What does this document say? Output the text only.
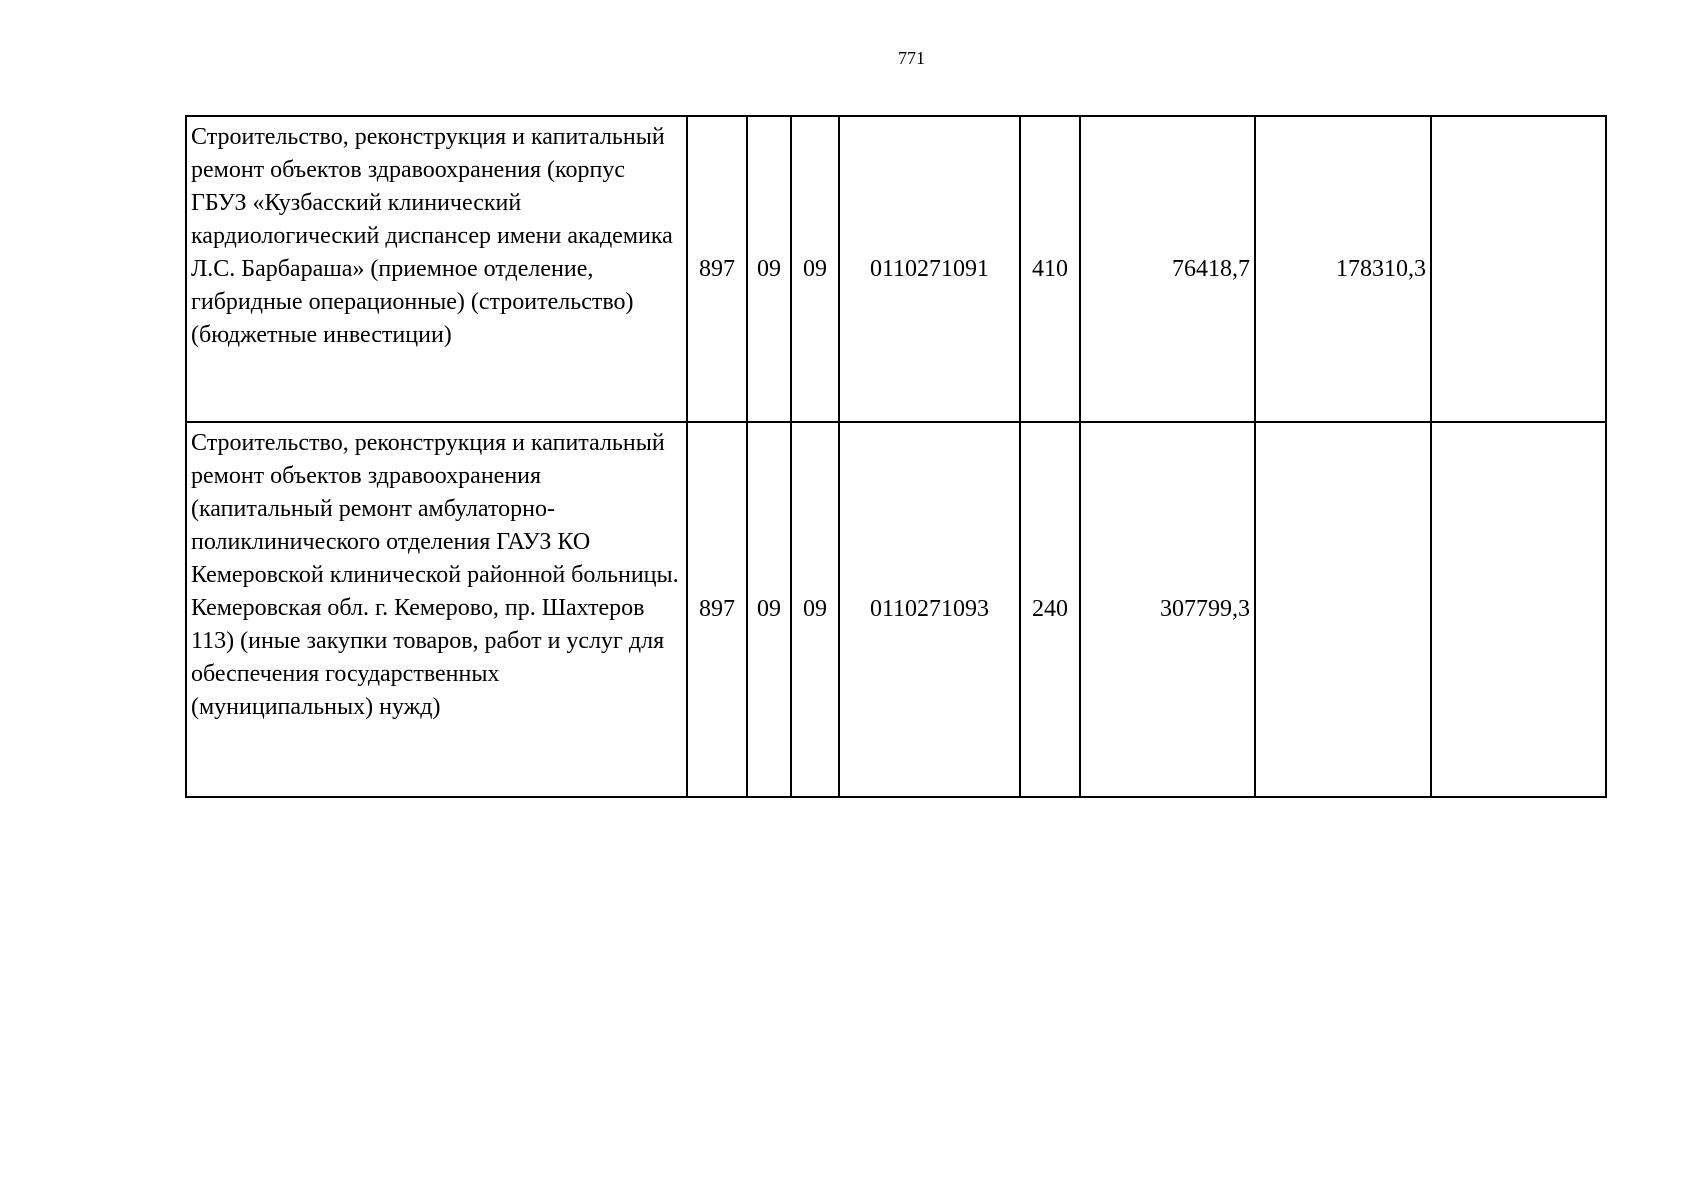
771
Строительство, реконструкция и капитальный ремонт объектов здравоохранения (корпус ГБУЗ «Кузбасский клинический кардиологический диспансер имени академика Л.С. Барбараша» (приемное отделение, гибридные операционные) (строительство) (бюджетные инвестиции)	897	09	09	0110271091	410	76418,7	178310,3	
Строительство, реконструкция и капитальный ремонт объектов здравоохранения (капитальный ремонт амбулаторно-поликлинического отделения ГАУЗ КО Кемеровской клинической районной больницы. Кемеровская обл. г. Кемерово, пр. Шахтеров 113) (иные закупки товаров, работ и услуг для обеспечения государственных (муниципальных) нужд)	897	09	09	0110271093	240	307799,3		
